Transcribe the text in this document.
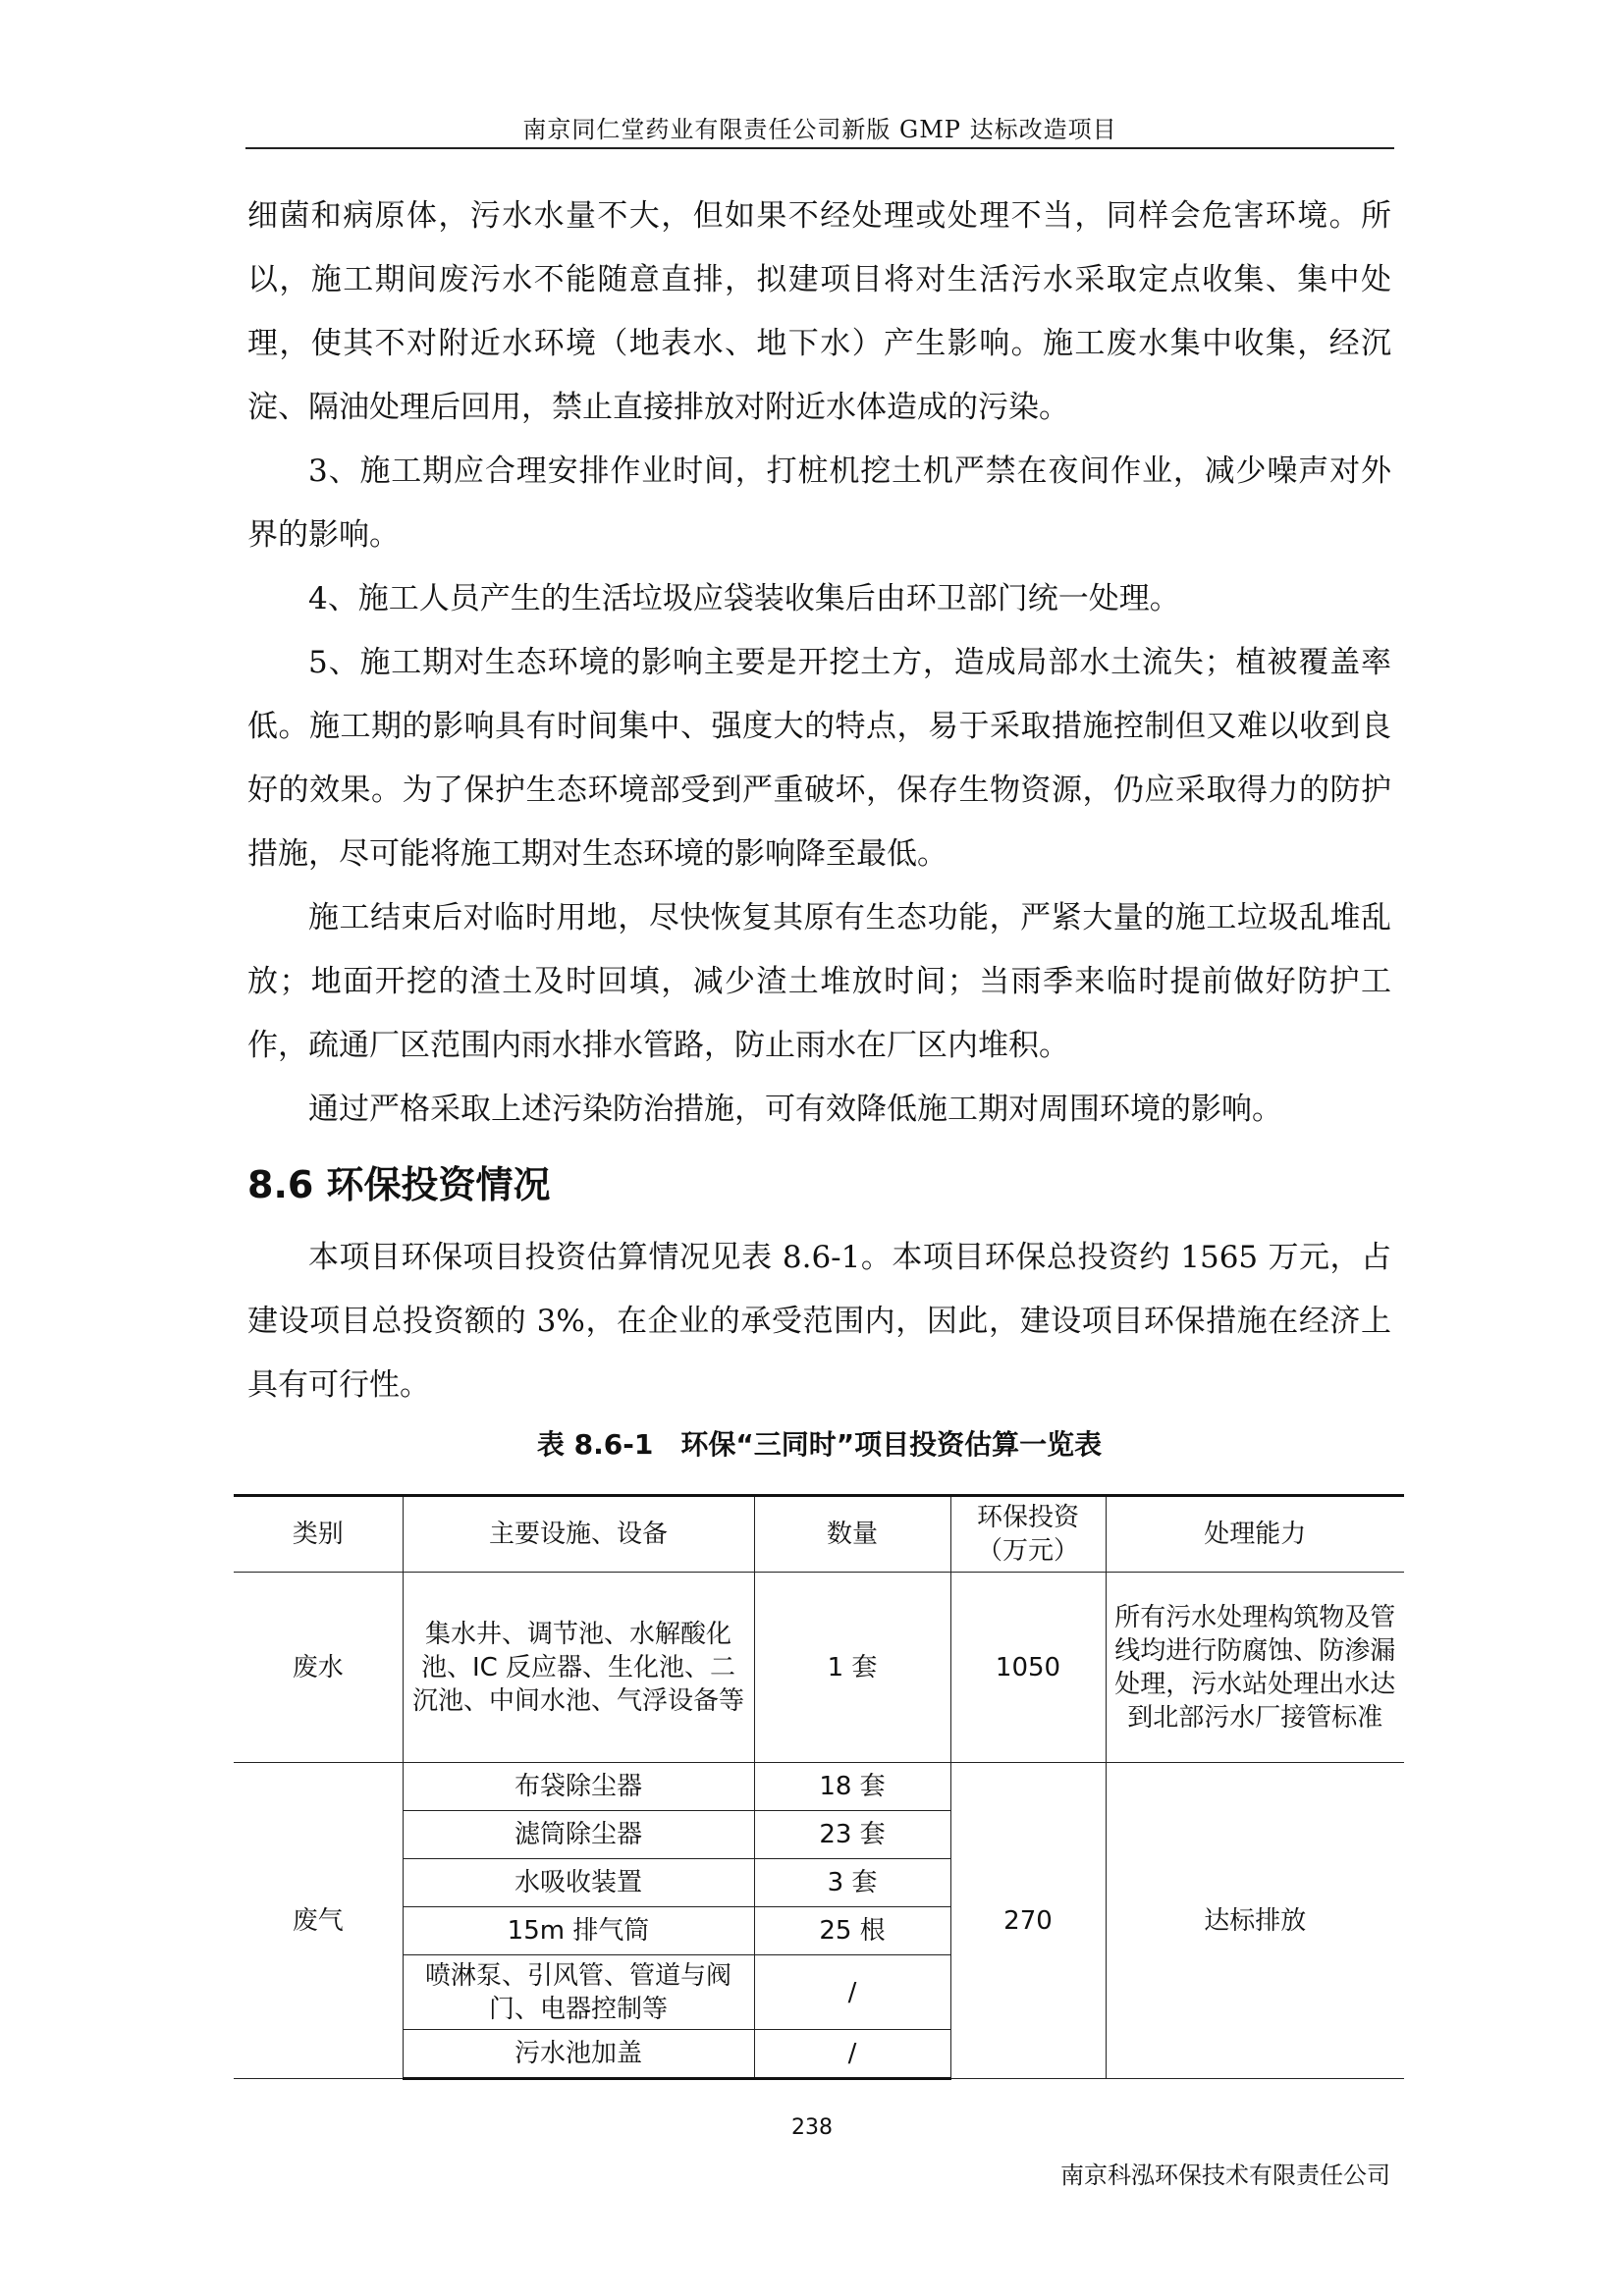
南京同仁堂药业有限责任公司新版 GMP 达标改造项目

细菌和病原体，污水水量不大，但如果不经处理或处理不当，同样会危害环境。所以，施工期间废污水不能随意直排，拟建项目将对生活污水采取定点收集、集中处理，使其不对附近水环境（地表水、地下水）产生影响。施工废水集中收集，经沉淀、隔油处理后回用，禁止直接排放对附近水体造成的污染。

3、施工期应合理安排作业时间，打桩机挖土机严禁在夜间作业，减少噪声对外界的影响。

4、施工人员产生的生活垃圾应袋装收集后由环卫部门统一处理。

5、施工期对生态环境的影响主要是开挖土方，造成局部水土流失；植被覆盖率低。施工期的影响具有时间集中、强度大的特点，易于采取措施控制但又难以收到良好的效果。为了保护生态环境部受到严重破坏，保存生物资源，仍应采取得力的防护措施，尽可能将施工期对生态环境的影响降至最低。

施工结束后对临时用地，尽快恢复其原有生态功能，严紧大量的施工垃圾乱堆乱放；地面开挖的渣土及时回填，减少渣土堆放时间；当雨季来临时提前做好防护工作，疏通厂区范围内雨水排水管路，防止雨水在厂区内堆积。

通过严格采取上述污染防治措施，可有效降低施工期对周围环境的影响。

8.6 环保投资情况

本项目环保项目投资估算情况见表 8.6-1。本项目环保总投资约 1565 万元，占建设项目总投资额的 3%，在企业的承受范围内，因此，建设项目环保措施在经济上具有可行性。

表 8.6-1　环保“三同时”项目投资估算一览表
类别	主要设施、设备	数量	环保投资（万元）	处理能力
废水	集水井、调节池、水解酸化池、IC 反应器、生化池、二沉池、中间水池、气浮设备等	1 套	1050	所有污水处理构筑物及管线均进行防腐蚀、防渗漏处理，污水站处理出水达到北部污水厂接管标准
废气	布袋除尘器	18 套	270	达标排放
	滤筒除尘器	23 套		
	水吸收装置	3 套		
	15m 排气筒	25 根		
	喷淋泵、引风管、管道与阀门、电器控制等	/		
	污水池加盖	/		
238
南京科泓环保技术有限责任公司
